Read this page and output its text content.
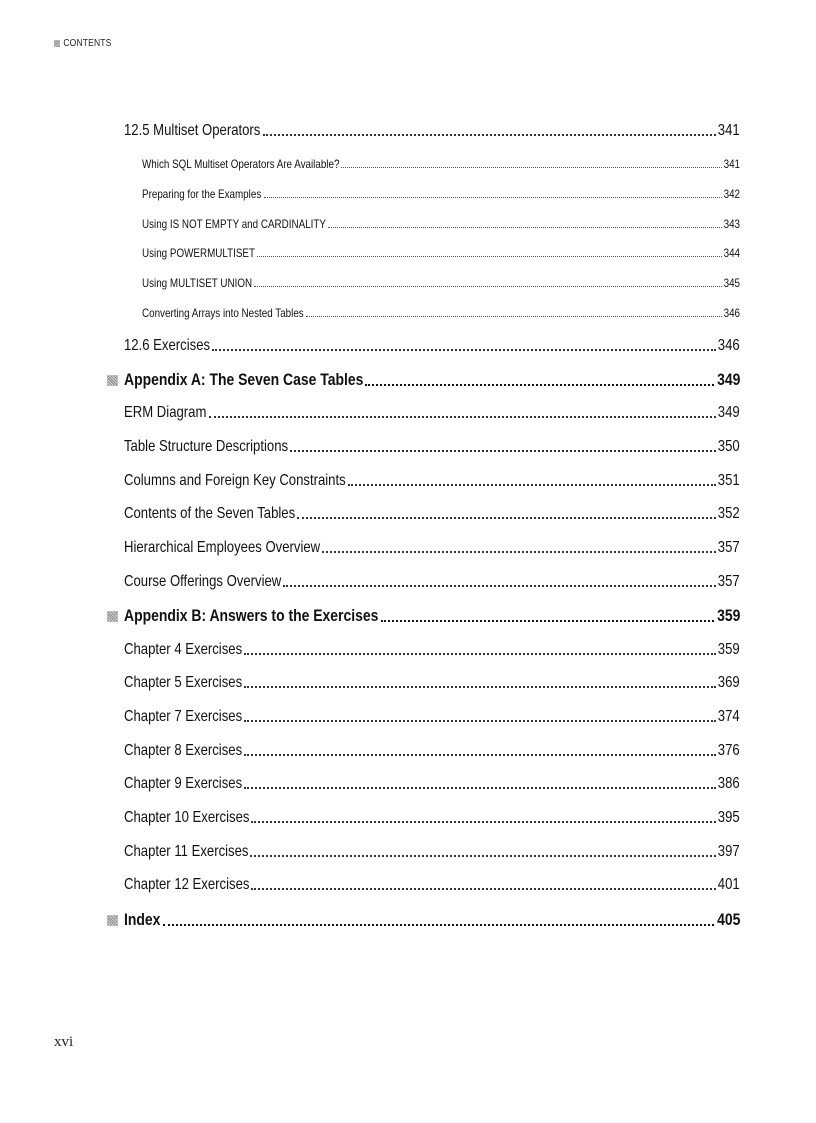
CONTENTS
12.5 Multiset Operators	341
Which SQL Multiset Operators Are Available?	341
Preparing for the Examples	342
Using IS NOT EMPTY and CARDINALITY	343
Using POWERMULTISET	344
Using MULTISET UNION	345
Converting Arrays into Nested Tables	346
12.6 Exercises	346
Appendix A: The Seven Case Tables	349
ERM Diagram	349
Table Structure Descriptions	350
Columns and Foreign Key Constraints	351
Contents of the Seven Tables	352
Hierarchical Employees Overview	357
Course Offerings Overview	357
Appendix B: Answers to the Exercises	359
Chapter 4 Exercises	359
Chapter 5 Exercises	369
Chapter 7 Exercises	374
Chapter 8 Exercises	376
Chapter 9 Exercises	386
Chapter 10 Exercises	395
Chapter 11 Exercises	397
Chapter 12 Exercises	401
Index	405
xvi
